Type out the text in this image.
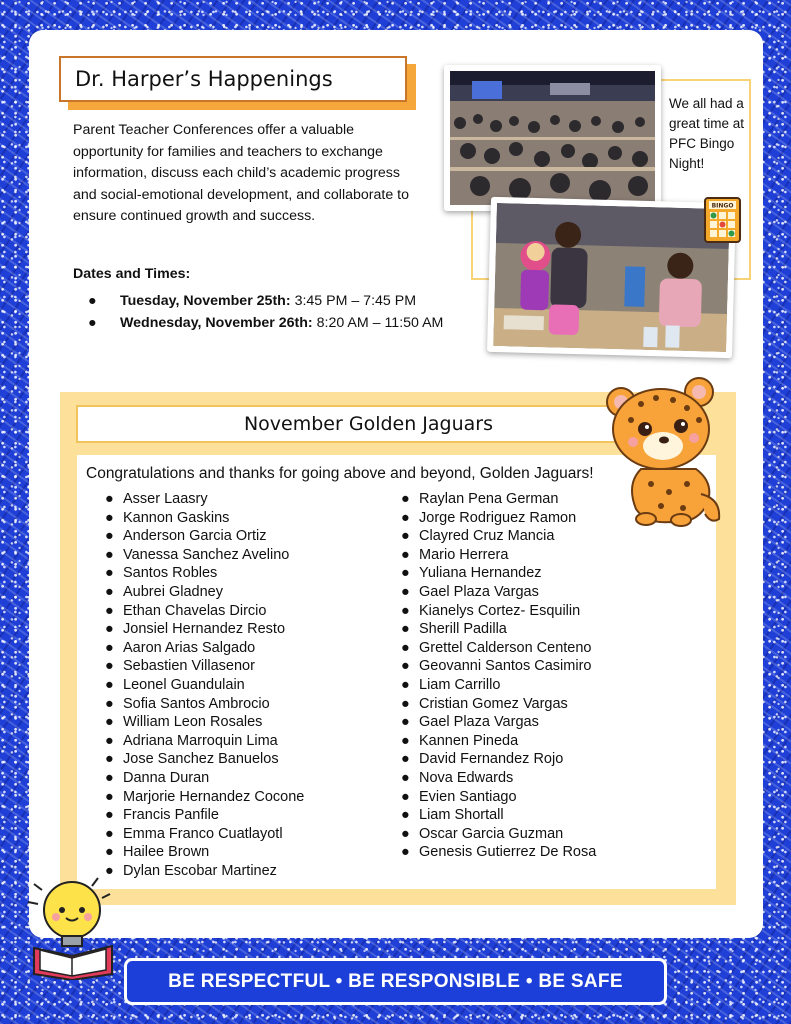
Dr. Harper’s Happenings

Parent Teacher Conferences offer a valuable opportunity for families and teachers to exchange information, discuss each child’s academic progress and social-emotional development, and collaborate to ensure continued growth and success.

Dates and Times:
●	Tuesday, November 25th: 3:45 PM – 7:45 PM
●	Wednesday, November 26th: 8:20 AM – 11:50 AM
We all had a great time at PFC Bingo Night!
BINGO
November Golden Jaguars
Congratulations and thanks for going above and beyond, Golden Jaguars!
● Asser Laasry
● Kannon Gaskins
● Anderson Garcia Ortiz
● Vanessa Sanchez Avelino
● Santos Robles
● Aubrei Gladney
● Ethan Chavelas Dircio
● Jonsiel Hernandez Resto
● Aaron Arias Salgado
● Sebastien Villasenor
● Leonel Guandulain
● Sofia Santos Ambrocio
● William Leon Rosales
● Adriana Marroquin Lima
● Jose Sanchez Banuelos
● Danna Duran
● Marjorie Hernandez Cocone
● Francis Panfile
● Emma Franco Cuatlayotl
● Hailee Brown
● Dylan Escobar Martinez
● Raylan Pena German
● Jorge Rodriguez Ramon
● Clayred Cruz Mancia
● Mario Herrera
● Yuliana Hernandez
● Gael Plaza Vargas
● Kianelys Cortez- Esquilin
● Sherill Padilla
● Grettel Calderson Centeno
● Geovanni Santos Casimiro
● Liam Carrillo
● Cristian Gomez Vargas
● Gael Plaza Vargas
● Kannen Pineda
● David Fernandez Rojo
● Nova Edwards
● Evien Santiago
● Liam Shortall
● Oscar Garcia Guzman
● Genesis Gutierrez De Rosa
BE RESPECTFUL • BE RESPONSIBLE • BE SAFE
